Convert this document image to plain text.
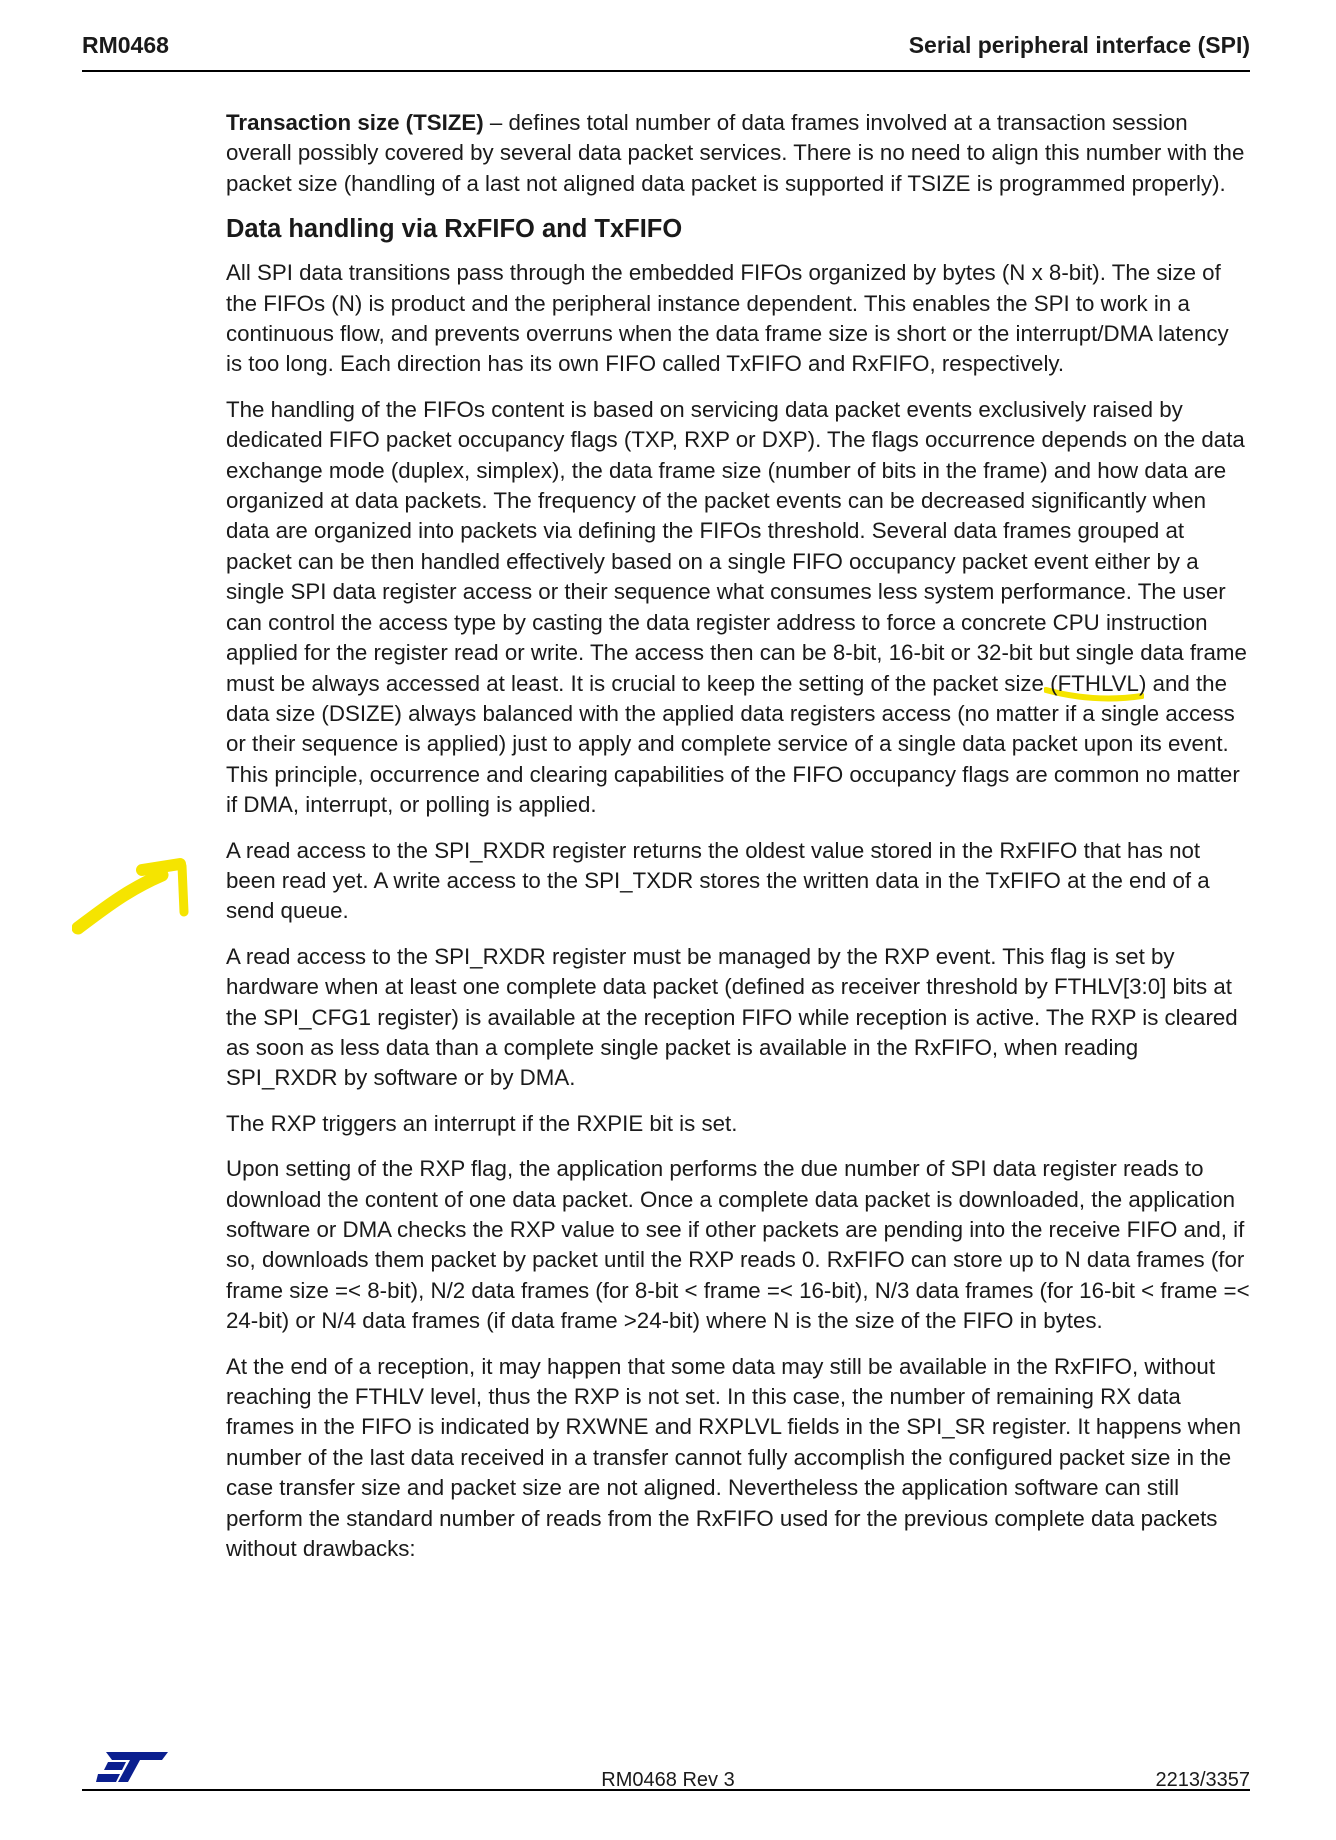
RM0468	Serial peripheral interface (SPI)

Transaction size (TSIZE) – defines total number of data frames involved at a transaction session overall possibly covered by several data packet services. There is no need to align this number with the packet size (handling of a last not aligned data packet is supported if TSIZE is programmed properly).

Data handling via RxFIFO and TxFIFO

All SPI data transitions pass through the embedded FIFOs organized by bytes (N x 8-bit). The size of the FIFOs (N) is product and the peripheral instance dependent. This enables the SPI to work in a continuous flow, and prevents overruns when the data frame size is short or the interrupt/DMA latency is too long. Each direction has its own FIFO called TxFIFO and RxFIFO, respectively.

The handling of the FIFOs content is based on servicing data packet events exclusively raised by dedicated FIFO packet occupancy flags (TXP, RXP or DXP). The flags occurrence depends on the data exchange mode (duplex, simplex), the data frame size (number of bits in the frame) and how data are organized at data packets. The frequency of the packet events can be decreased significantly when data are organized into packets via defining the FIFOs threshold. Several data frames grouped at packet can be then handled effectively based on a single FIFO occupancy packet event either by a single SPI data register access or their sequence what consumes less system performance. The user can control the access type by casting the data register address to force a concrete CPU instruction applied for the register read or write. The access then can be 8-bit, 16-bit or 32-bit but single data frame must be always accessed at least. It is crucial to keep the setting of the packet size
(FTHLVL) and the data size (DSIZE) always balanced with the applied data registers access (no matter if a single access or their sequence is applied) just to apply and complete service of a single data packet upon its event. This principle, occurrence and clearing capabilities of the FIFO occupancy flags are common no matter if DMA, interrupt, or polling is applied.

A read access to the SPI_RXDR register returns the oldest value stored in the RxFIFO that has not been read yet. A write access to the SPI_TXDR stores the written data in the TxFIFO at the end of a send queue.

A read access to the SPI_RXDR register must be managed by the RXP event. This flag is set by hardware when at least one complete data packet (defined as receiver threshold by FTHLV[3:0] bits at the SPI_CFG1 register) is available at the reception FIFO while reception is active. The RXP is cleared as soon as less data than a complete single packet is available in the RxFIFO, when reading SPI_RXDR by software or by DMA.

The RXP triggers an interrupt if the RXPIE bit is set.

Upon setting of the RXP flag, the application performs the due number of SPI data register reads to download the content of one data packet. Once a complete data packet is downloaded, the application software or DMA checks the RXP value to see if other packets are pending into the receive FIFO and, if so, downloads them packet by packet until the RXP reads 0. RxFIFO can store up to N data frames (for frame size =< 8-bit), N/2 data frames (for 8-bit < frame =< 16-bit), N/3 data frames (for 16-bit < frame =< 24-bit) or N/4 data frames (if data frame >24-bit) where N is the size of the FIFO in bytes.

At the end of a reception, it may happen that some data may still be available in the RxFIFO, without reaching the FTHLV level, thus the RXP is not set. In this case, the number of remaining RX data frames in the FIFO is indicated by RXWNE and RXPLVL fields in the SPI_SR register. It happens when number of the last data received in a transfer cannot fully accomplish the configured packet size in the case transfer size and packet size are not aligned. Nevertheless the application software can still perform the standard number of reads from the RxFIFO used for the previous complete data packets without drawbacks:

RM0468 Rev 3	2213/3357
